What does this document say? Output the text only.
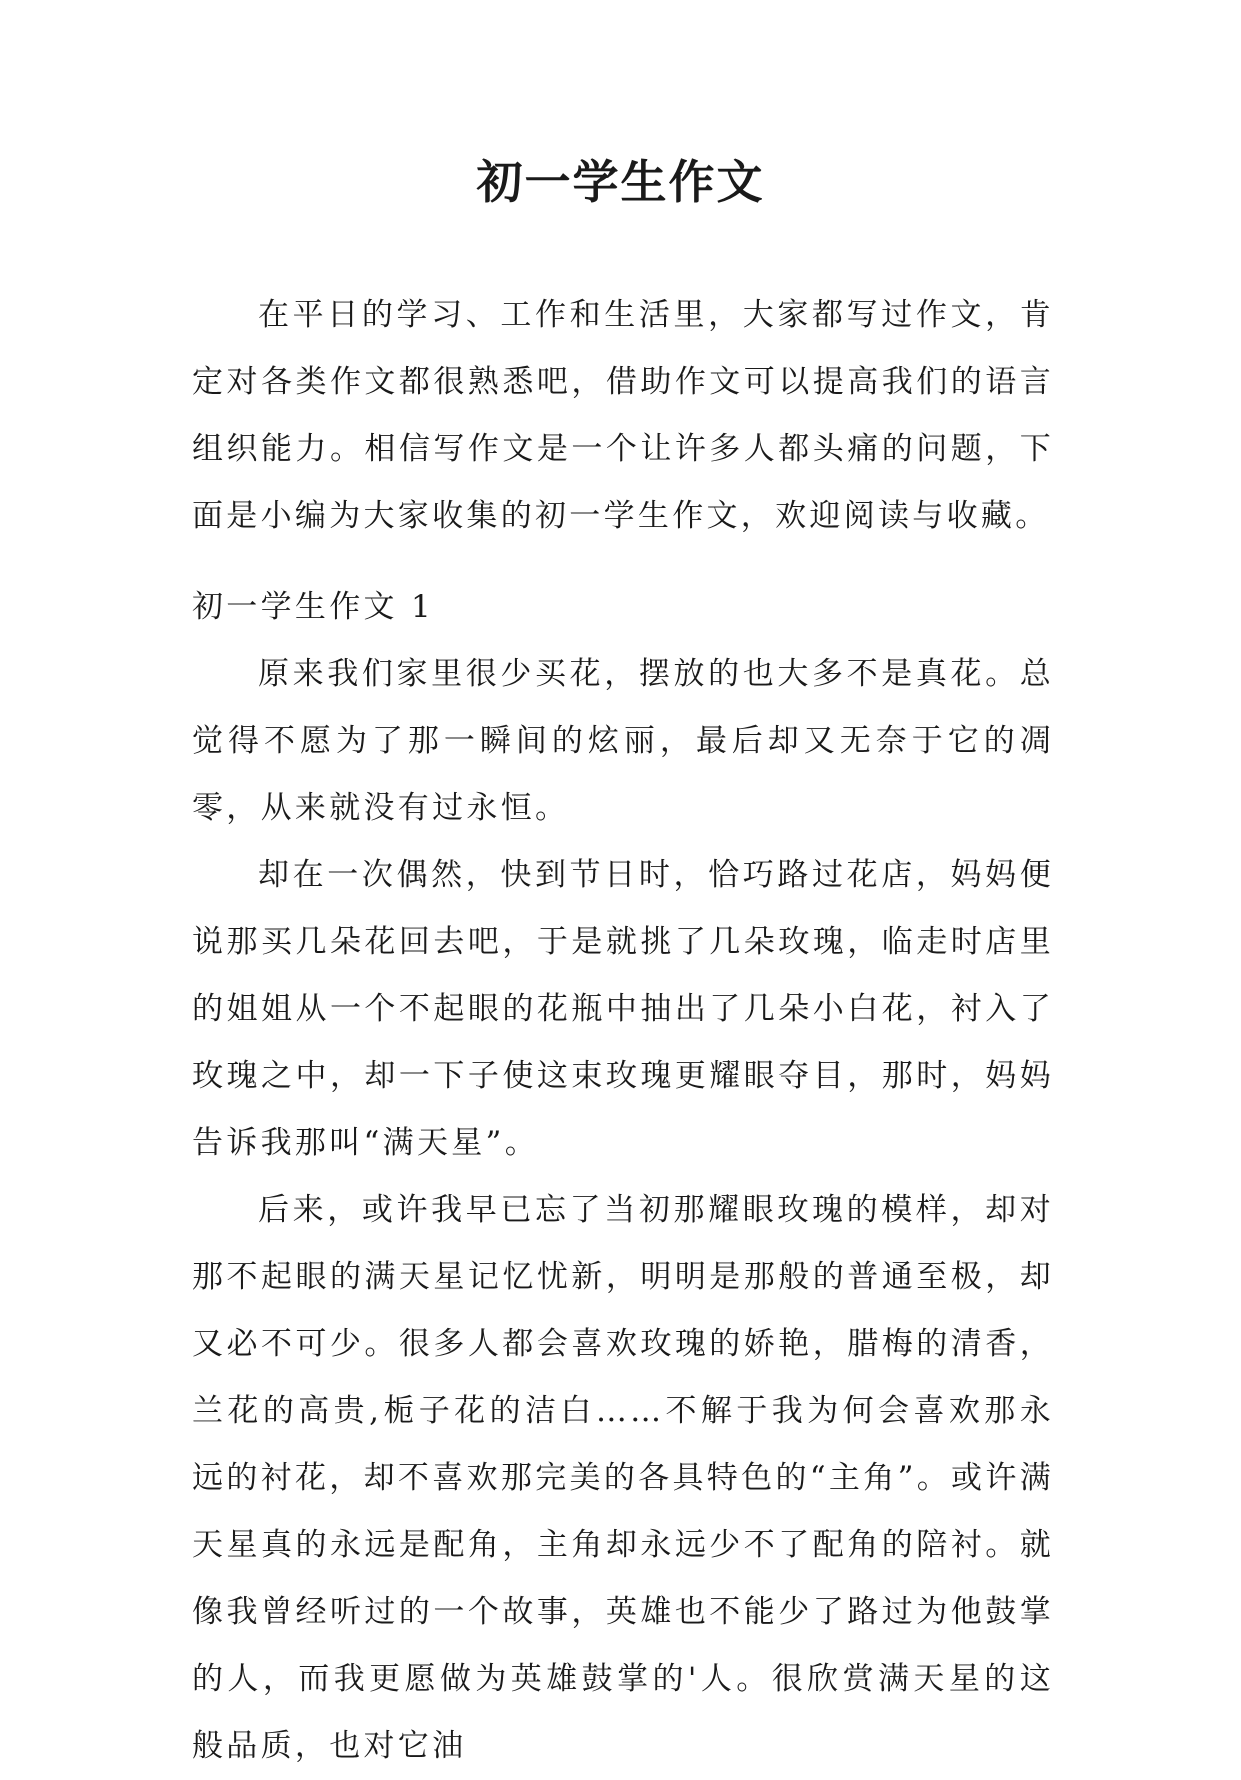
初一学生作文

在平日的学习、工作和生活里，大家都写过作文，肯定对各类作文都很熟悉吧，借助作文可以提高我们的语言组织能力。相信写作文是一个让许多人都头痛的问题，下面是小编为大家收集的初一学生作文，欢迎阅读与收藏。

初一学生作文 1

原来我们家里很少买花，摆放的也大多不是真花。总觉得不愿为了那一瞬间的炫丽，最后却又无奈于它的凋零，从来就没有过永恒。

却在一次偶然，快到节日时，恰巧路过花店，妈妈便说那买几朵花回去吧，于是就挑了几朵玫瑰，临走时店里的姐姐从一个不起眼的花瓶中抽出了几朵小白花，衬入了玫瑰之中，却一下子使这束玫瑰更耀眼夺目，那时，妈妈告诉我那叫“满天星”。

后来，或许我早已忘了当初那耀眼玫瑰的模样，却对那不起眼的满天星记忆忧新，明明是那般的普通至极，却又必不可少。很多人都会喜欢玫瑰的娇艳，腊梅的清香，兰花的高贵,栀子花的洁白……不解于我为何会喜欢那永远的衬花，却不喜欢那完美的各具特色的“主角”。或许满天星真的永远是配角，主角却永远少不了配角的陪衬。就像我曾经听过的一个故事，英雄也不能少了路过为他鼓掌的人，而我更愿做为英雄鼓掌的'人。很欣赏满天星的这般品质，也对它油
